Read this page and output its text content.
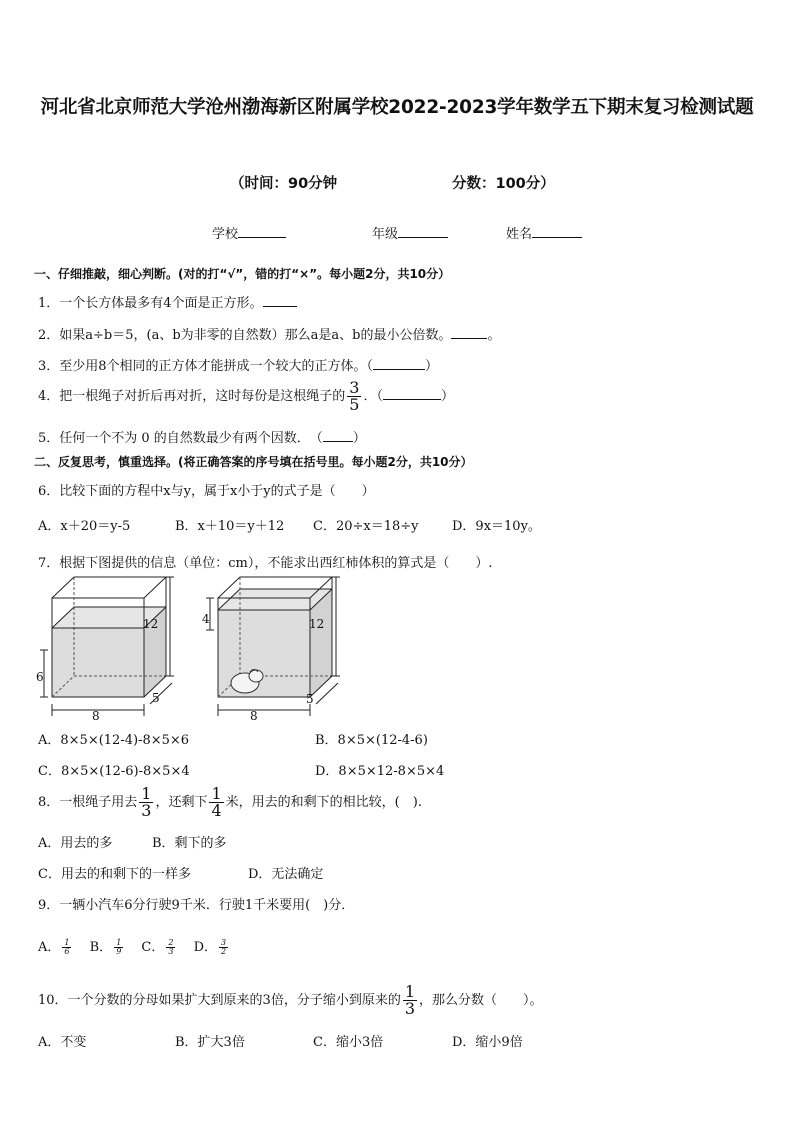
河北省北京师范大学沧州渤海新区附属学校2022-2023学年数学五下期末复习检测试题
（时间：90分钟	分数：100分）
学校	年级	姓名
一、仔细推敲，细心判断。(对的打“√”，错的打“×”。每小题2分，共10分）
1．一个长方体最多有4个面是正方形。
2．如果a÷b＝5，(a、b为非零的自然数）那么a是a、b的最小公倍数。	。
3．至少用8个相同的正方体才能拼成一个较大的正方体。（	）
4．把一根绳子对折后再对折，这时每份是这根绳子的 $\frac{3}{5}$ ．（	）
5．任何一个不为 0 的自然数最少有两个因数．　（ ）
二、反复思考，慎重选择。(将正确答案的序号填在括号里。每小题2分，共10分）
6．比较下面的方程中x与y，属于x小于y的式子是（　　）
A．x＋20＝y-5	B．x＋10＝y＋12 C．20÷x＝18÷y	D．9x＝10y。
7．根据下图提供的信息（单位：cm），不能求出西红柿体积的算式是（　　）.
12
6
8
5
12
4
8
5
A．8×5×(12-4)-8×5×6	B．8×5×(12-4-6)
C．8×5×(12-6)-8×5×4	D．8×5×12-8×5×4
8．一根绳子用去 $\frac{1}{3}$ ，还剩下 $\frac{1}{4}$ 米，用去的和剩下的相比较，(　).
A．用去的多	B．剩下的多
C．用去的和剩下的一样多	D．无法确定
9．一辆小汽车6分行驶9千米．行驶1千米要用(　)分．
A． $\frac{1}{6}$ B． $\frac{1}{9}$ C． $\frac{2}{3}$ D． $\frac{3}{2}$
10．一个分数的分母如果扩大到原来的3倍，分子缩小到原来的 $\frac{1}{3}$ ，那么分数（　　）。
A．不变	B．扩大3倍	C．缩小3倍	D．缩小9倍
